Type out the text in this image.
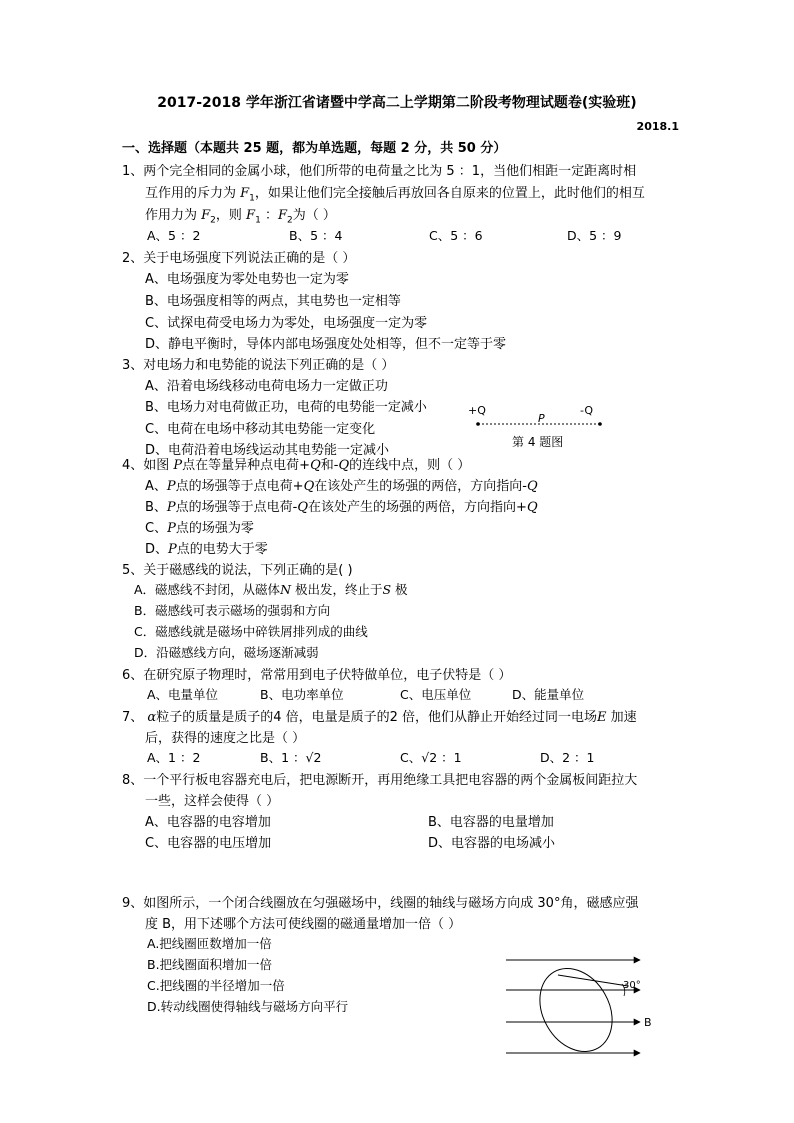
2017-2018 学年浙江省诸暨中学高二上学期第二阶段考物理试题卷(实验班)
2018.1
一、选择题（本题共 25 题，都为单选题，每题 2 分，共 50 分）
1、两个完全相同的金属小球，他们所带的电荷量之比为 5 ：1，当他们相距一定距离时相
互作用的斥力为 $F_1$，如果让他们完全接触后再放回各自原来的位置上，此时他们的相互
作用力为 $F_2$，则 $F_1$ ：$F_2$为（ ）
A、5 ：2	B、5 ：4	C、5 ：6	D、5 ：9
2、关于电场强度下列说法正确的是（ ）
A、电场强度为零处电势也一定为零
B、电场强度相等的两点，其电势也一定相等
C、试探电荷受电场力为零处，电场强度一定为零
D、静电平衡时，导体内部电场强度处处相等，但不一定等于零
3、对电场力和电势能的说法下列正确的是（ ）
A、沿着电场线移动电荷电场力一定做正功
B、电场力对电荷做正功，电荷的电势能一定减小
C、电荷在电场中移动其电势能一定变化
D、电荷沿着电场线运动其电势能一定减小
+Q	-Q
P
第 4 题图
4、如图 P点在等量异种点电荷+Q和-Q的连线中点，则（ ）
A、P点的场强等于点电荷+Q在该处产生的场强的两倍，方向指向-Q
B、P点的场强等于点电荷-Q在该处产生的场强的两倍，方向指向+Q
C、P点的场强为零
D、P点的电势大于零
5、关于磁感线的说法，下列正确的是( )
A．磁感线不封闭，从磁体N 极出发，终止于S 极
B．磁感线可表示磁场的强弱和方向
C．磁感线就是磁场中碎铁屑排列成的曲线
D．沿磁感线方向，磁场逐渐减弱
6、在研究原子物理时，常常用到电子伏特做单位，电子伏特是（ ）
A、电量单位	B、电功率单位	C、电压单位	D、能量单位
7、 α粒子的质量是质子的4 倍，电量是质子的2 倍，他们从静止开始经过同一电场E 加速
后，获得的速度之比是（ ）
A、1 ：2	B、1 ：√2	C、√2 ：1	D、2 ：1
8、一个平行板电容器充电后，把电源断开，再用绝缘工具把电容器的两个金属板间距拉大
一些，这样会使得（ ）
A、电容器的电容增加	B、电容器的电量增加
C、电容器的电压增加	D、电容器的电场减小
9、如图所示，一个闭合线圈放在匀强磁场中，线圈的轴线与磁场方向成 30°角，磁感应强
度 B，用下述哪个方法可使线圈的磁通量增加一倍（ ）
A.把线圈匝数增加一倍
B.把线圈面积增加一倍
C.把线圈的半径增加一倍
D.转动线圈使得轴线与磁场方向平行
30°
B
